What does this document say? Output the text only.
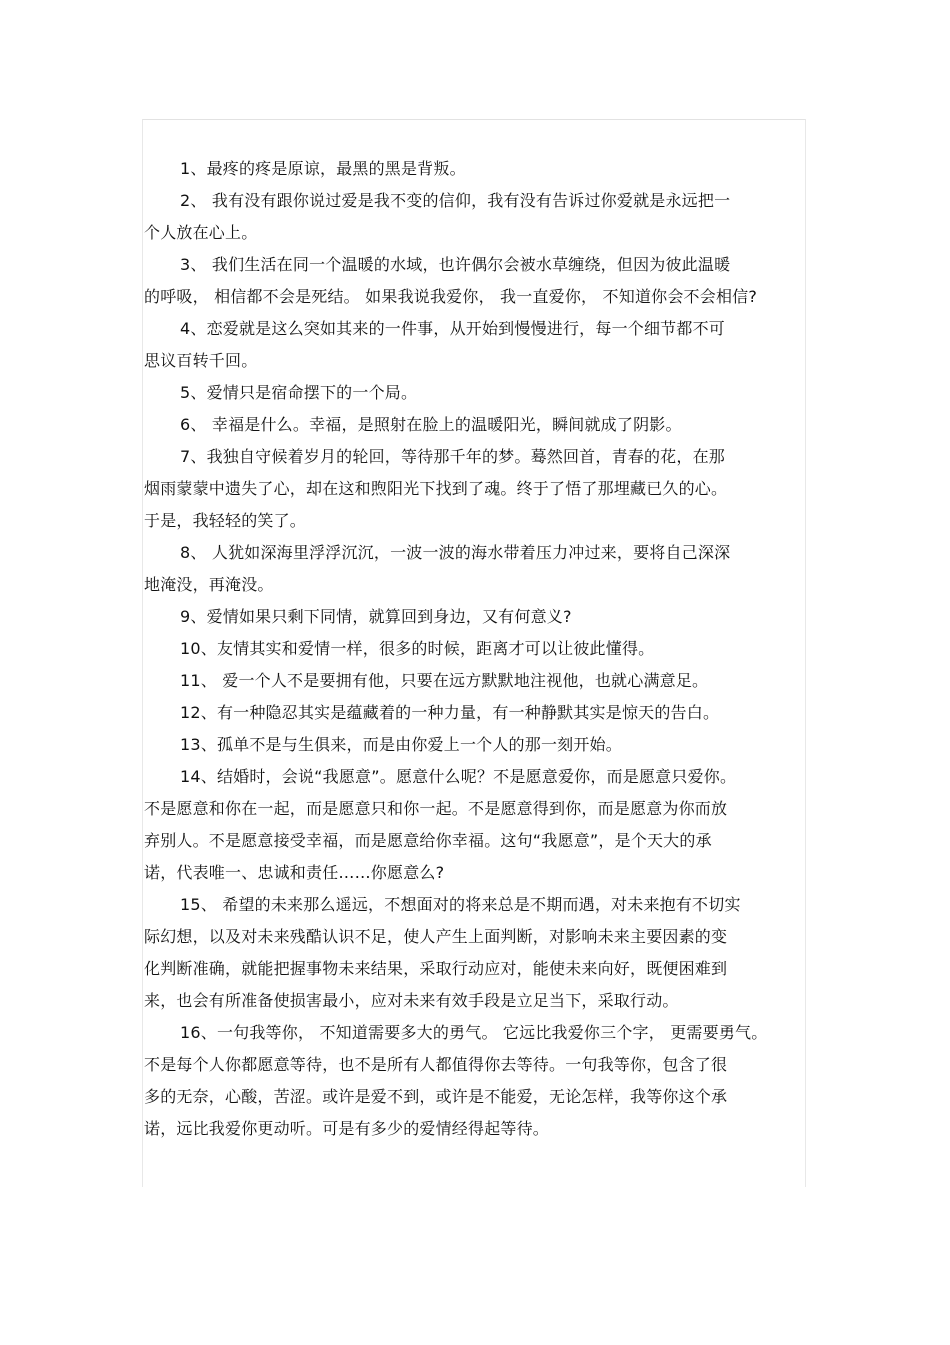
1、最疼的疼是原谅，最黑的黑是背叛。
2、 我有没有跟你说过爱是我不变的信仰，我有没有告诉过你爱就是永远把一
个人放在心上。
3、 我们生活在同一个温暖的水域，也许偶尔会被水草缠绕，但因为彼此温暖
的呼吸， 相信都不会是死结。 如果我说我爱你， 我一直爱你， 不知道你会不会相信?
4、恋爱就是这么突如其来的一件事，从开始到慢慢进行，每一个细节都不可
思议百转千回。
5、爱情只是宿命摆下的一个局。
6、 幸福是什么。幸福，是照射在脸上的温暖阳光，瞬间就成了阴影。
7、我独自守候着岁月的轮回，等待那千年的梦。蓦然回首，青春的花，在那
烟雨蒙蒙中遗失了心，却在这和煦阳光下找到了魂。终于了悟了那埋藏已久的心。
于是，我轻轻的笑了。
8、 人犹如深海里浮浮沉沉，一波一波的海水带着压力冲过来，要将自己深深
地淹没，再淹没。
9、爱情如果只剩下同情，就算回到身边，又有何意义?
10、友情其实和爱情一样，很多的时候，距离才可以让彼此懂得。
11、 爱一个人不是要拥有他，只要在远方默默地注视他，也就心满意足。
12、有一种隐忍其实是蕴藏着的一种力量，有一种静默其实是惊天的告白。
13、孤单不是与生俱来，而是由你爱上一个人的那一刻开始。
14、结婚时，会说“我愿意”。愿意什么呢？不是愿意爱你，而是愿意只爱你。
不是愿意和你在一起，而是愿意只和你一起。不是愿意得到你，而是愿意为你而放
弃别人。不是愿意接受幸福，而是愿意给你幸福。这句“我愿意”，是个天大的承
诺，代表唯一、忠诚和责任……你愿意么?
15、 希望的未来那么遥远，不想面对的将来总是不期而遇，对未来抱有不切实
际幻想，以及对未来残酷认识不足，使人产生上面判断，对影响未来主要因素的变
化判断准确，就能把握事物未来结果，采取行动应对，能使未来向好，既便困难到
来，也会有所准备使损害最小，应对未来有效手段是立足当下，采取行动。
16、一句我等你， 不知道需要多大的勇气。 它远比我爱你三个字， 更需要勇气。
不是每个人你都愿意等待，也不是所有人都值得你去等待。一句我等你，包含了很
多的无奈，心酸，苦涩。或许是爱不到，或许是不能爱，无论怎样，我等你这个承
诺，远比我爱你更动听。可是有多少的爱情经得起等待。
